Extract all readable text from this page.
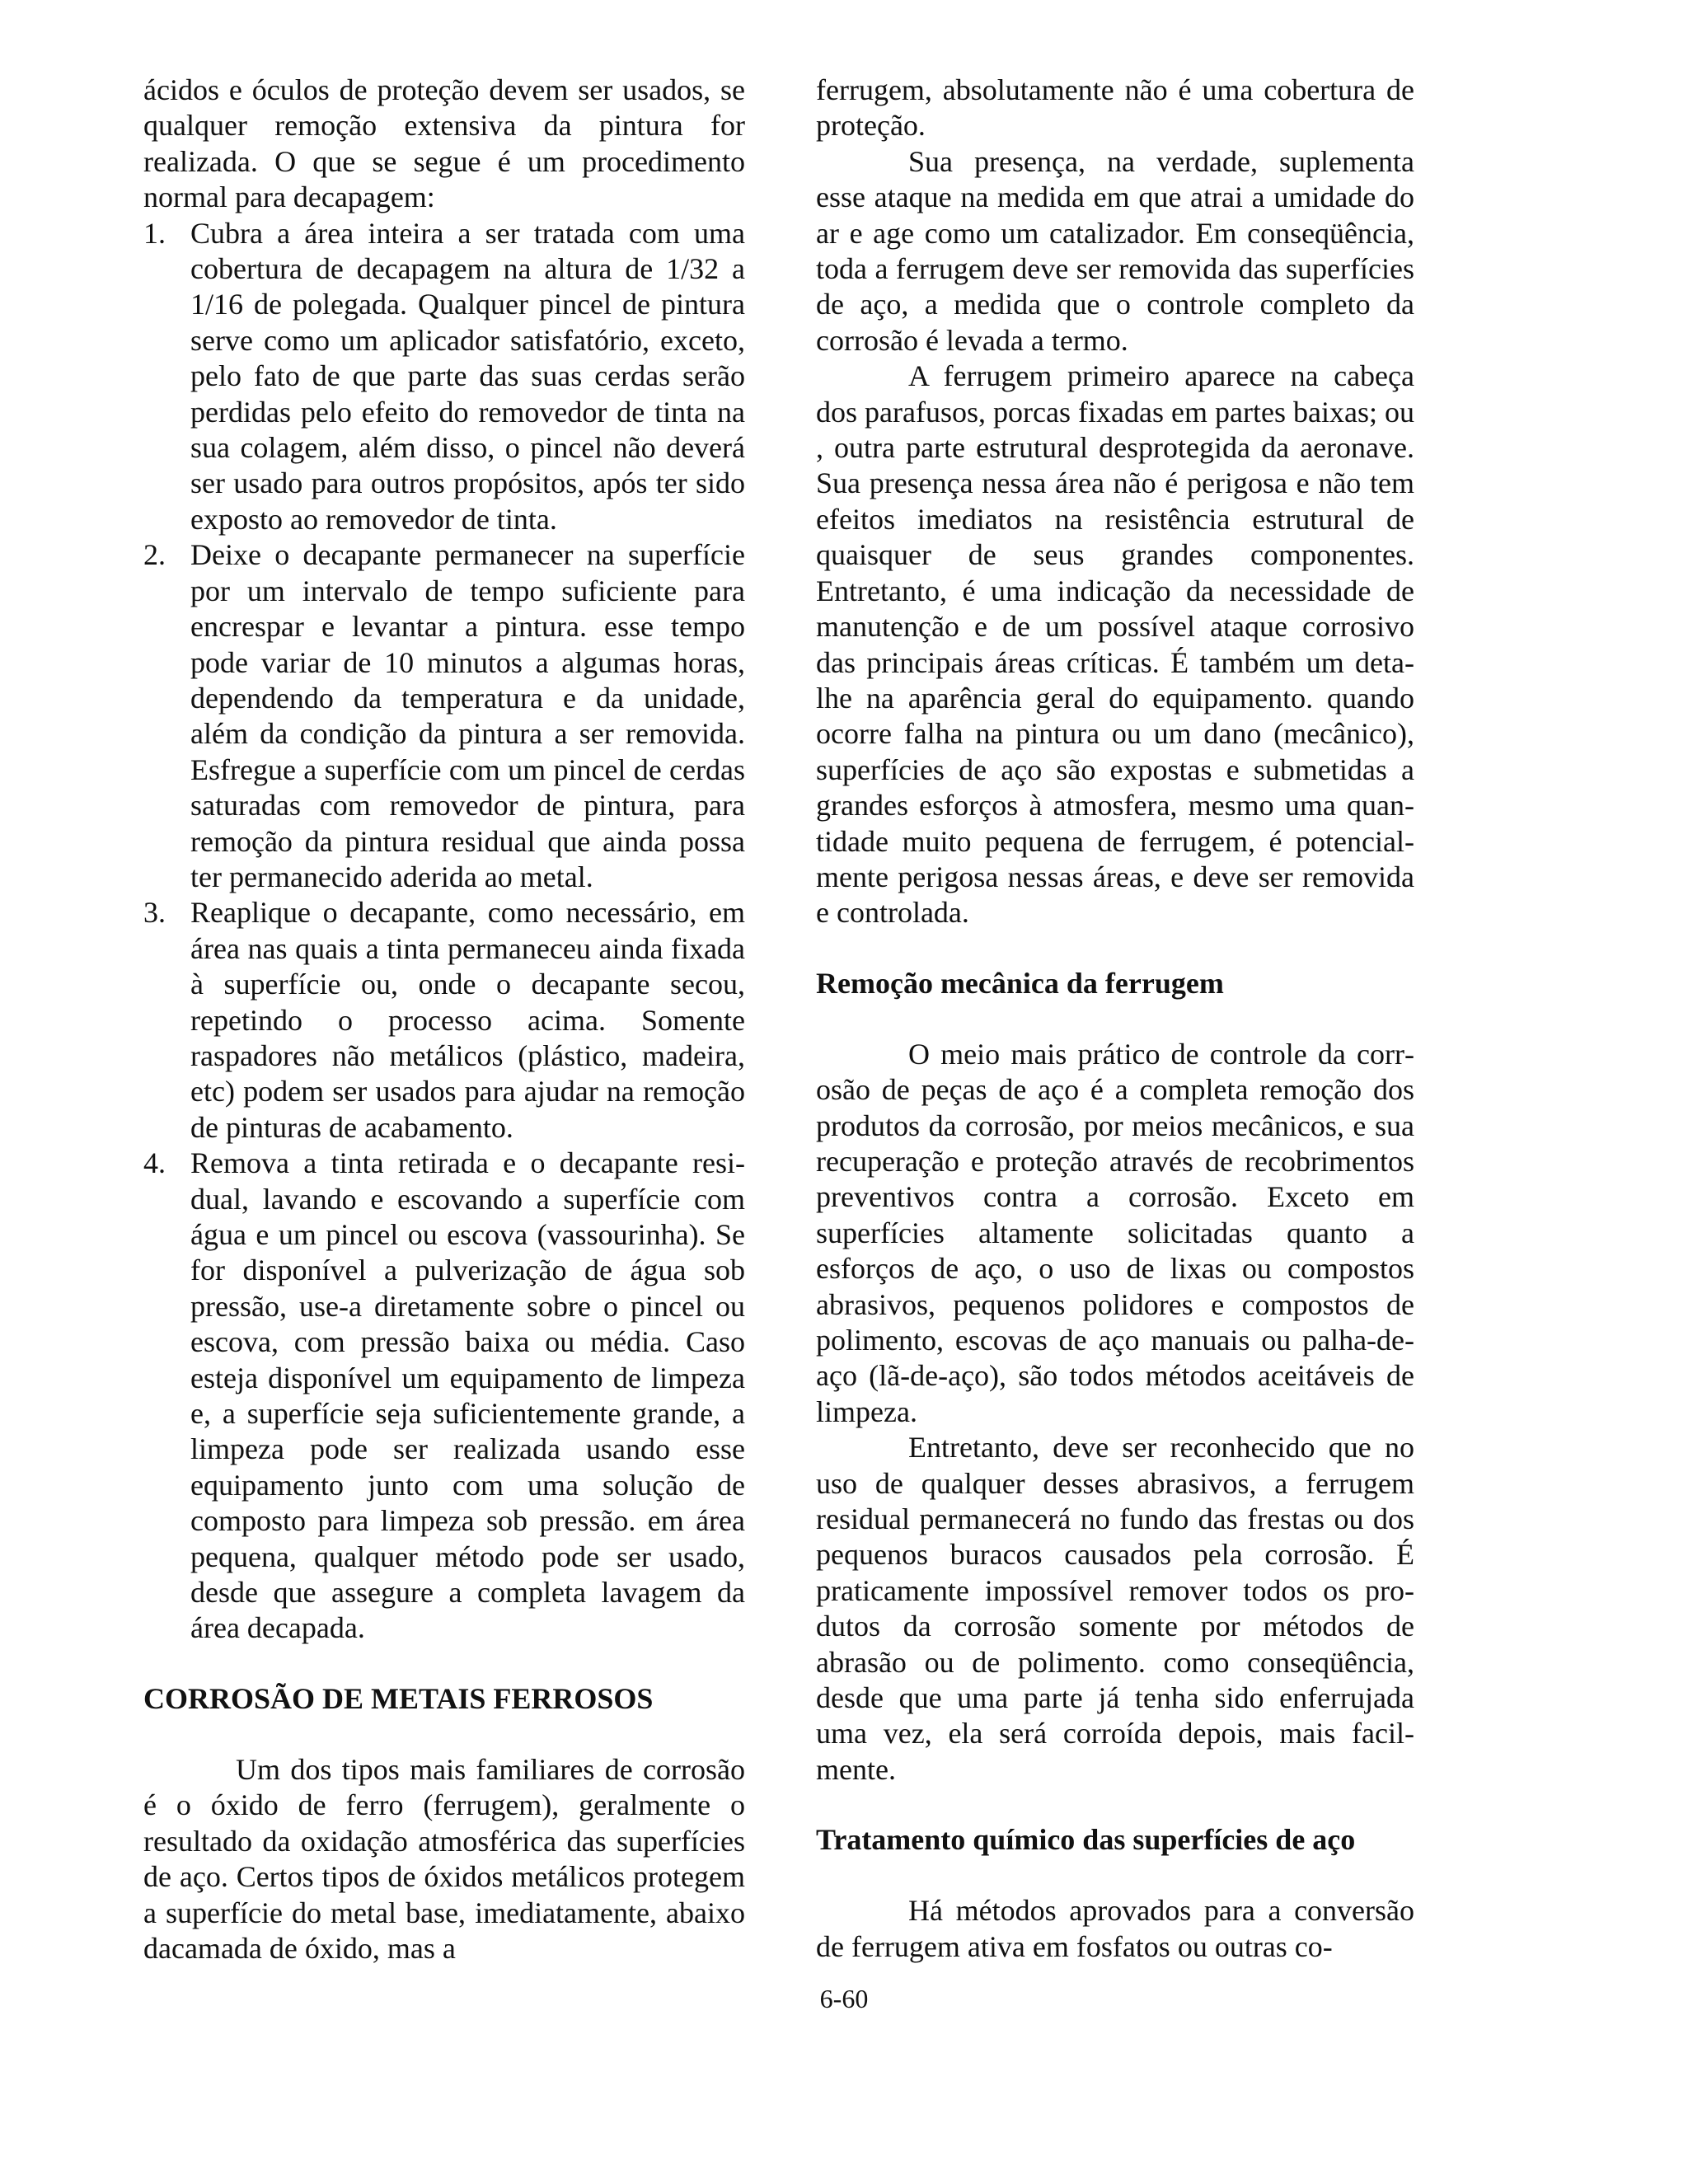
ácidos e óculos de proteção devem ser usados, se qualquer remoção extensiva da pintura for realizada. O que se segue é um procedimento normal para decapagem:

1. Cubra a área inteira a ser tratada com uma cobertura de decapagem na altura de 1/32 a 1/16 de polegada. Qualquer pincel de pintura serve como um aplicador satisfatório, exceto, pelo fato de que parte das suas cerdas serão perdidas pelo efeito do removedor de tinta na sua colagem, além disso, o pincel não deverá ser usado para outros propósitos, após ter sido exposto ao removedor de tinta.
2. Deixe o decapante permanecer na superfície por um intervalo de tempo suficiente para encrespar e levantar a pintura. esse tempo pode variar de 10 minutos a algumas horas, dependendo da temperatura e da unidade, além da condição da pintura a ser removida. Esfregue a superfície com um pincel de cerdas saturadas com removedor de pintura, para remoção da pintura residual que ainda possa ter permanecido aderida ao metal.
3. Reaplique o decapante, como necessário, em área nas quais a tinta permaneceu ainda fixada à superfície ou, onde o decapante secou, repetindo o processo acima. Somente raspadores não metálicos (plástico, madeira, etc) podem ser usados para ajudar na remoção de pinturas de acabamento.
4. Remova a tinta retirada e o decapante residual, lavando e escovando a superfície com água e um pincel ou escova (vassourinha). Se for disponível a pulverização de água sob pressão, use-a diretamente sobre o pincel ou escova, com pressão baixa ou média. Caso esteja disponível um equipamento de limpeza e, a superfície seja suficientemente grande, a limpeza pode ser realizada usando esse equipamento junto com uma solução de composto para limpeza sob pressão. em área pequena, qualquer método pode ser usado, desde que assegure a completa lavagem da área decapada.
CORROSÃO DE METAIS FERROSOS

Um dos tipos mais familiares de corrosão é o óxido de ferro (ferrugem), geralmente o resultado da oxidação atmosférica das superfícies de aço. Certos tipos de óxidos metálicos protegem a superfície do metal base, imediatamente, abaixo dacamada de óxido, mas a

ferrugem, absolutamente não é uma cobertura de proteção.

Sua presença, na verdade, suplementa esse ataque na medida em que atrai a umidade do ar e age como um catalizador. Em conseqüência, toda a ferrugem deve ser removida das superfícies de aço, a medida que o controle completo da corrosão é levada a termo.

A ferrugem primeiro aparece na cabeça dos parafusos, porcas fixadas em partes baixas; ou , outra parte estrutural desprotegida da aeronave. Sua presença nessa área não é perigosa e não tem efeitos imediatos na resistência estrutural de quaisquer de seus grandes componentes. Entretanto, é uma indicação da necessidade de manutenção e de um possível ataque corrosivo das principais áreas críticas. É também um detalhe na aparência geral do equipamento. quando ocorre falha na pintura ou um dano (mecânico), superfícies de aço são expostas e submetidas a grandes esforços à atmosfera, mesmo uma quantidade muito pequena de ferrugem, é potencialmente perigosa nessas áreas, e deve ser removida e controlada.

Remoção mecânica da ferrugem

O meio mais prático de controle da corrosão de peças de aço é a completa remoção dos produtos da corrosão, por meios mecânicos, e sua recuperação e proteção através de recobrimentos preventivos contra a corrosão. Exceto em superfícies altamente solicitadas quanto a esforços de aço, o uso de lixas ou compostos abrasivos, pequenos polidores e compostos de polimento, escovas de aço manuais ou palha-de-aço (lã-de-aço), são todos métodos aceitáveis de limpeza.

Entretanto, deve ser reconhecido que no uso de qualquer desses abrasivos, a ferrugem residual permanecerá no fundo das frestas ou dos pequenos buracos causados pela corrosão. É praticamente impossível remover todos os produtos da corrosão somente por métodos de abrasão ou de polimento. como conseqüência, desde que uma parte já tenha sido enferrujada uma vez, ela será corroída depois, mais facilmente.

Tratamento químico das superfícies de aço

Há métodos aprovados para a conversão de ferrugem ativa em fosfatos ou outras co-

6-60
